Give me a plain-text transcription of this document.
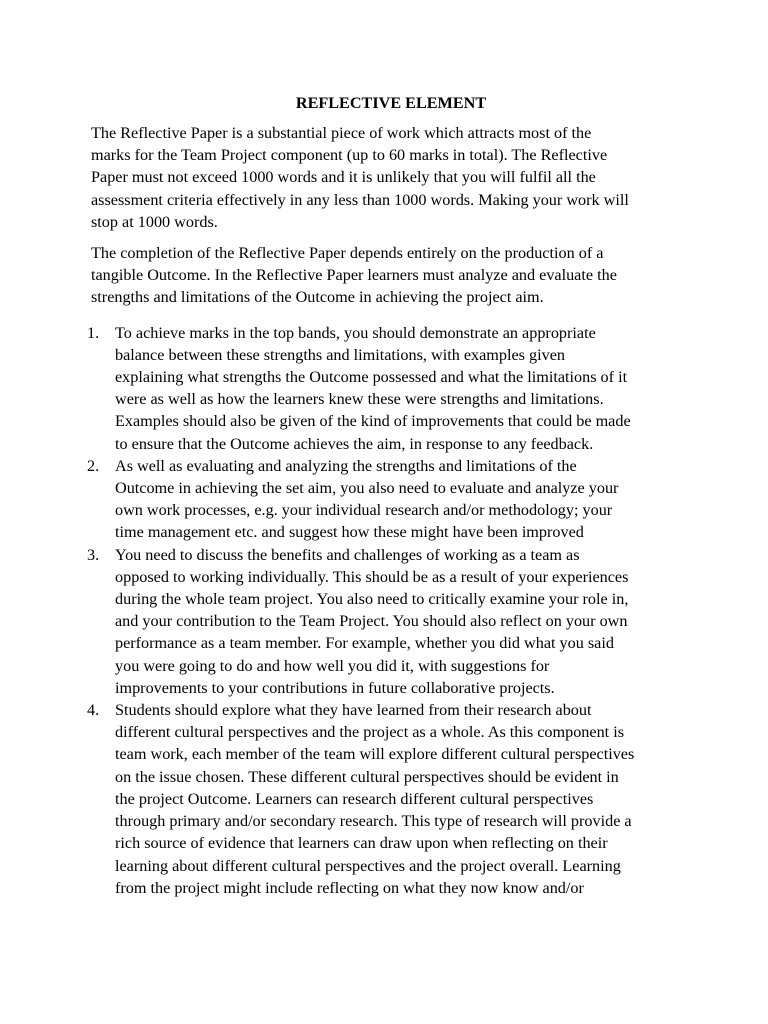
REFLECTIVE ELEMENT

The Reflective Paper is a substantial piece of work which attracts most of the
marks for the Team Project component (up to 60 marks in total). The Reflective
Paper must not exceed 1000 words and it is unlikely that you will fulfil all the
assessment criteria effectively in any less than 1000 words. Making your work will
stop at 1000 words.

The completion of the Reflective Paper depends entirely on the production of a
tangible Outcome. In the Reflective Paper learners must analyze and evaluate the
strengths and limitations of the Outcome in achieving the project aim.

1. To achieve marks in the top bands, you should demonstrate an appropriate
balance between these strengths and limitations, with examples given
explaining what strengths the Outcome possessed and what the limitations of it
were as well as how the learners knew these were strengths and limitations.
Examples should also be given of the kind of improvements that could be made
to ensure that the Outcome achieves the aim, in response to any feedback.
2. As well as evaluating and analyzing the strengths and limitations of the
Outcome in achieving the set aim, you also need to evaluate and analyze your
own work processes, e.g. your individual research and/or methodology; your
time management etc. and suggest how these might have been improved
3. You need to discuss the benefits and challenges of working as a team as
opposed to working individually. This should be as a result of your experiences
during the whole team project. You also need to critically examine your role in,
and your contribution to the Team Project. You should also reflect on your own
performance as a team member. For example, whether you did what you said
you were going to do and how well you did it, with suggestions for
improvements to your contributions in future collaborative projects.
4. Students should explore what they have learned from their research about
different cultural perspectives and the project as a whole. As this component is
team work, each member of the team will explore different cultural perspectives
on the issue chosen. These different cultural perspectives should be evident in
the project Outcome. Learners can research different cultural perspectives
through primary and/or secondary research. This type of research will provide a
rich source of evidence that learners can draw upon when reflecting on their
learning about different cultural perspectives and the project overall. Learning
from the project might include reflecting on what they now know and/or
